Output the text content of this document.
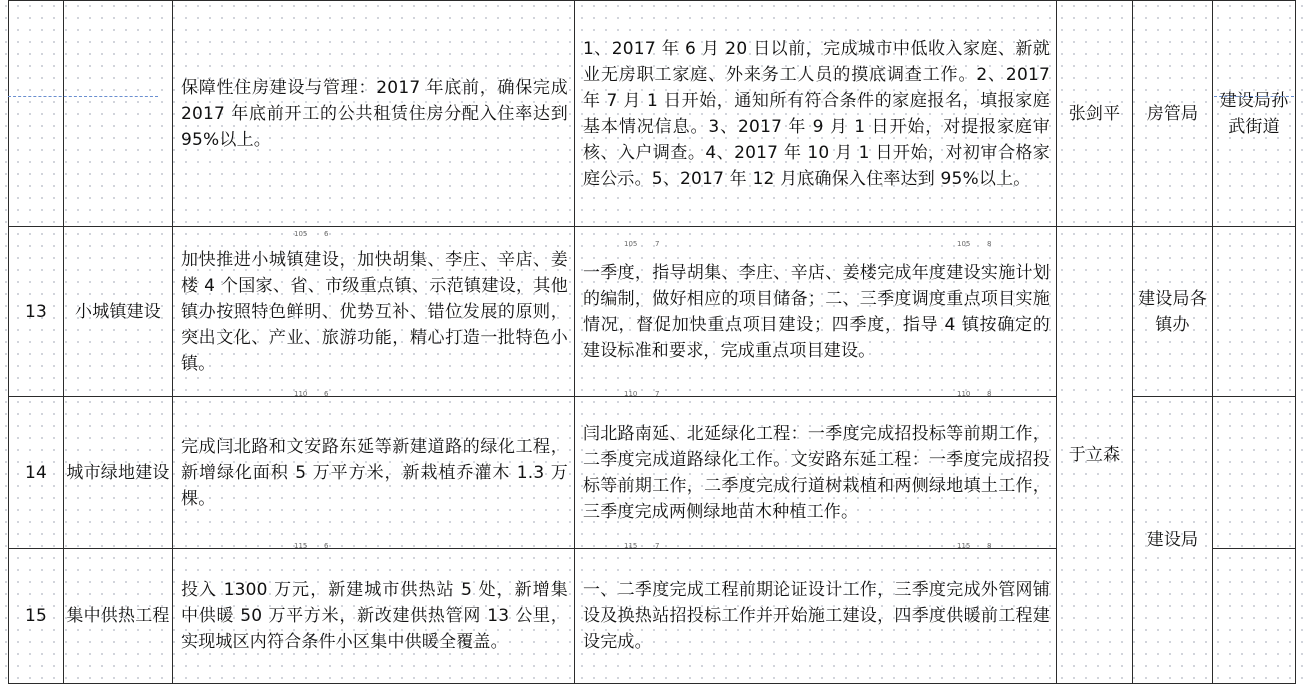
		保障性住房建设与管理：2017 年底前，确保完成 2017 年底前开工的公共租赁住房分配入住率达到 95%以上。	1、2017 年 6 月 20 日以前，完成城市中低收入家庭、新就业无房职工家庭、外来务工人员的摸底调查工作。2、2017 年 7 月 1 日开始，通知所有符合条件的家庭报名，填报家庭基本情况信息。3、2017 年 9 月 1 日开始，对提报家庭审核、入户调查。4、2017 年 10 月 1 日开始，对初审合格家庭公示。5、2017 年 12 月底确保入住率达到 95%以上。	张剑平	房管局	建设局孙武街道
13	小城镇建设	加快推进小城镇建设，加快胡集、李庄、辛店、姜楼 4 个国家、省、市级重点镇、示范镇建设，其他镇办按照特色鲜明、优势互补、错位发展的原则，突出文化、产业、旅游功能，精心打造一批特色小镇。	一季度，指导胡集、李庄、辛店、姜楼完成年度建设实施计划的编制，做好相应的项目储备；二、三季度调度重点项目实施情况，督促加快重点项目建设；四季度，指导 4 镇按确定的建设标准和要求，完成重点项目建设。	于立森	建设局各镇办	
14	城市绿地建设	完成闫北路和文安路东延等新建道路的绿化工程，新增绿化面积 5 万平方米，新栽植乔灌木 1.3 万棵。	闫北路南延、北延绿化工程：一季度完成招投标等前期工作，二季度完成道路绿化工作。文安路东延工程：一季度完成招投标等前期工作，二季度完成行道树栽植和两侧绿地填土工作，三季度完成两侧绿地苗木种植工作。		建设局	
15	集中供热工程	投入 1300 万元，新建城市供热站 5 处，新增集中供暖 50 万平方米，新改建供热管网 13 公里，实现城区内符合条件小区集中供暖全覆盖。	一、二季度完成工程前期论证设计工作，三季度完成外管网铺设及换热站招投标工作并开始施工建设，四季度供暖前工程建设完成。			
105 6
105	7	105 8
110 6	110	7	110 8
115 6	115	7	115 8
